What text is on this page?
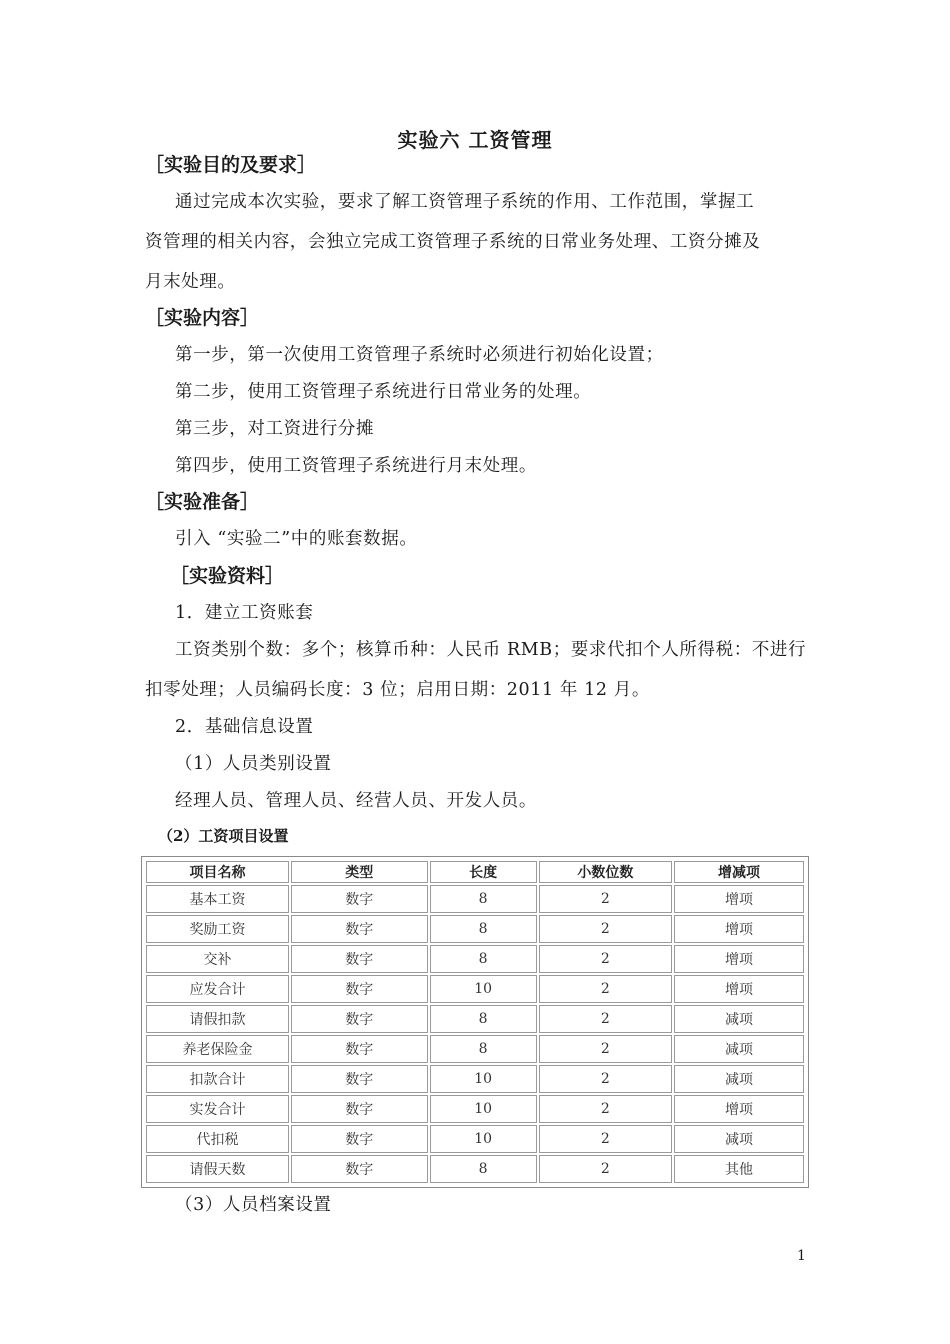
实验六 工资管理
［实验目的及要求］
通过完成本次实验，要求了解工资管理子系统的作用、工作范围，掌握工
资管理的相关内容，会独立完成工资管理子系统的日常业务处理、工资分摊及
月末处理。
［实验内容］
第一步，第一次使用工资管理子系统时必须进行初始化设置；
第二步，使用工资管理子系统进行日常业务的处理。
第三步，对工资进行分摊
第四步，使用工资管理子系统进行月末处理。
［实验准备］
引入 “实验二”中的账套数据。
［实验资料］
1．建立工资账套
工资类别个数：多个；核算币种：人民币 RMB；要求代扣个人所得税：不进行
扣零处理；人员编码长度：3 位；启用日期：2011 年 12 月。
2．基础信息设置
（1）人员类别设置
经理人员、管理人员、经营人员、开发人员。
（2）工资项目设置
项目名称	类型	长度	小数位数	增减项
基本工资	数字	8	2	增项
奖励工资	数字	8	2	增项
交补	数字	8	2	增项
应发合计	数字	10	2	增项
请假扣款	数字	8	2	减项
养老保险金	数字	8	2	减项
扣款合计	数字	10	2	减项
实发合计	数字	10	2	增项
代扣税	数字	10	2	减项
请假天数	数字	8	2	其他
（3）人员档案设置
1
